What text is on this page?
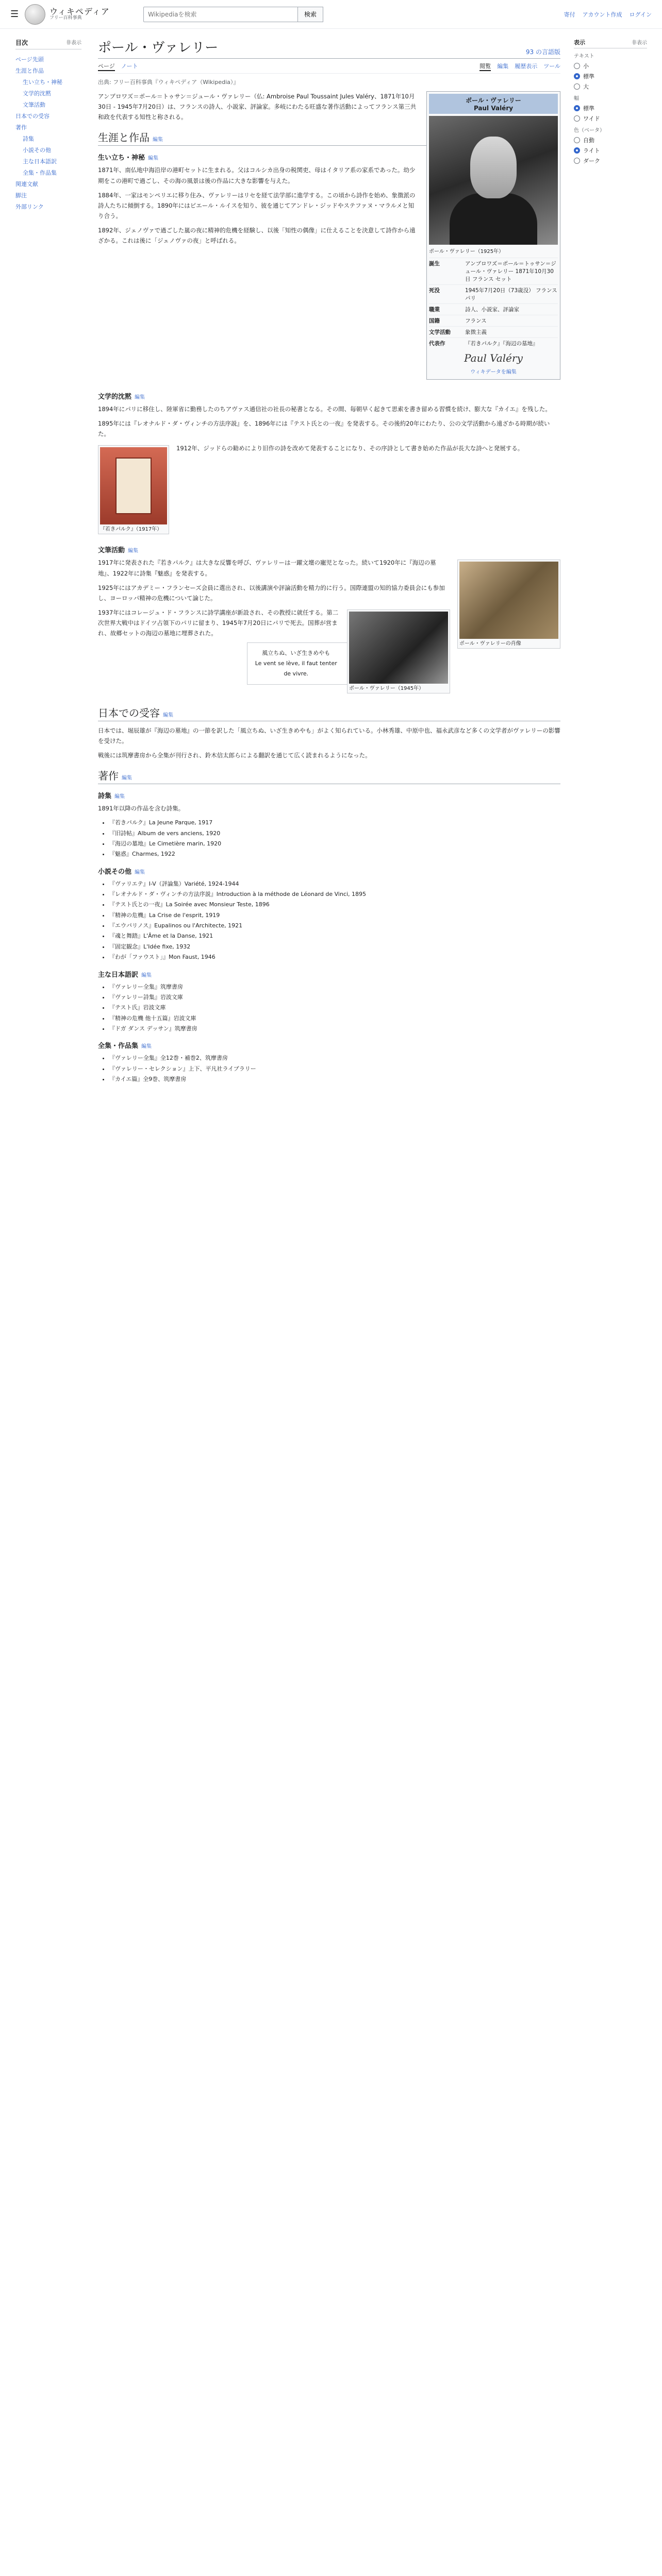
☰	ウィキペディア
フリー百科事典
Wikipediaを検索
検索	寄付 アカウント作成 ログイン
目次	非表示
ページ先頭
生涯と作品
生い立ち・神秘
文学的沈黙
文筆活動
日本での受容
著作
詩集
小説その他
主な日本語訳
全集・作品集
関連文献
脚注
外部リンク
ポール・ヴァレリー	93 の言語版
ページ ノート	閲覧 編集 履歴表示 ツール
出典: フリー百科事典『ウィキペディア（Wikipedia）』
ポール・ヴァレリー
Paul Valéry
ポール・ヴァレリー（1925年）
誕生	アンブロワズ＝ポール＝トゥサン＝ジュール・ヴァレリー 1871年10月30日 フランス セット
死没	1945年7月20日（73歳没） フランス パリ
職業	詩人、小説家、評論家
国籍	フランス
文学活動	象徴主義
代表作	『若きパルク』『海辺の墓地』
Paul Valéry
ウィキデータを編集

アンブロワズ＝ポール＝トゥサン＝ジュール・ヴァレリー（仏: Ambroise Paul Toussaint Jules Valéry、1871年10月30日 - 1945年7月20日）は、フランスの詩人、小説家、評論家。多岐にわたる旺盛な著作活動によってフランス第三共和政を代表する知性と称される。

生涯と作品 編集
生い立ち・神秘 編集

1871年、南仏地中海沿岸の港町セットに生まれる。父はコルシカ出身の税関吏、母はイタリア系の家系であった。幼少期をこの港町で過ごし、その海の風景は後の作品に大きな影響を与えた。

1884年、一家はモンペリエに移り住み、ヴァレリーはリセを経て法学部に進学する。この頃から詩作を始め、象徴派の詩人たちに傾倒する。1890年にはピエール・ルイスを知り、彼を通じてアンドレ・ジッドやステファヌ・マラルメと知り合う。

1892年、ジェノヴァで過ごした嵐の夜に精神的危機を経験し、以後「知性の偶像」に仕えることを決意して詩作から遠ざかる。これは後に「ジェノヴァの夜」と呼ばれる。

文学的沈黙 編集

1894年にパリに移住し、陸軍省に勤務したのちアヴァス通信社の社長の秘書となる。その間、毎朝早く起きて思索を書き留める習慣を続け、膨大な『カイエ』を残した。

1895年には『レオナルド・ダ・ヴィンチの方法序説』を、1896年には『テスト氏との一夜』を発表する。その後約20年にわたり、公の文学活動から遠ざかる時期が続いた。

『若きパルク』（1917年）

1912年、ジッドらの勧めにより旧作の詩を改めて発表することになり、その序詩として書き始めた作品が長大な詩へと発展する。

文筆活動 編集
ポール・ヴァレリーの肖像

1917年に発表された『若きパルク』は大きな反響を呼び、ヴァレリーは一躍文壇の寵児となった。続いて1920年に『海辺の墓地』、1922年に詩集『魅惑』を発表する。

1925年にはアカデミー・フランセーズ会員に選出され、以後講演や評論活動を精力的に行う。国際連盟の知的協力委員会にも参加し、ヨーロッパ精神の危機について論じた。

ポール・ヴァレリー（1945年）

1937年にはコレージュ・ド・フランスに詩学講座が新設され、その教授に就任する。第二次世界大戦中はドイツ占領下のパリに留まり、1945年7月20日にパリで死去。国葬が営まれ、故郷セットの海辺の墓地に埋葬された。

風立ちぬ、いざ生きめやも
Le vent se lève, il faut tenter de vivre.
日本での受容 編集

日本では、堀辰雄が『海辺の墓地』の一節を訳した「風立ちぬ、いざ生きめやも」がよく知られている。小林秀雄、中原中也、福永武彦など多くの文学者がヴァレリーの影響を受けた。

戦後には筑摩書房から全集が刊行され、鈴木信太郎らによる翻訳を通じて広く読まれるようになった。

著作 編集
詩集 編集

1891年以降の作品を含む詩集。

• 『若きパルク』La Jeune Parque, 1917
• 『旧詩帖』Album de vers anciens, 1920
• 『海辺の墓地』Le Cimetière marin, 1920
• 『魅惑』Charmes, 1922
小説その他 編集
• 『ヴァリエテ』I-V（評論集）Variété, 1924-1944
• 『レオナルド・ダ・ヴィンチの方法序説』Introduction à la méthode de Léonard de Vinci, 1895
• 『テスト氏との一夜』La Soirée avec Monsieur Teste, 1896
• 『精神の危機』La Crise de l'esprit, 1919
• 『エウパリノス』Eupalinos ou l'Architecte, 1921
• 『魂と舞踏』L'Âme et la Danse, 1921
• 『固定観念』L'Idée fixe, 1932
• 『わが「ファウスト」』Mon Faust, 1946
主な日本語訳 編集
• 『ヴァレリー全集』筑摩書房
• 『ヴァレリー詩集』岩波文庫
• 『テスト氏』岩波文庫
• 『精神の危機 他十五篇』岩波文庫
• 『ドガ ダンス デッサン』筑摩書房
全集・作品集 編集
• 『ヴァレリー全集』全12巻・補巻2、筑摩書房
• 『ヴァレリー・セレクション』上下、平凡社ライブラリー
• 『カイエ篇』全9巻、筑摩書房
表示	非表示
テキスト
小
標準
大
幅
標準
ワイド
色（ベータ）
自動
ライト
ダーク
